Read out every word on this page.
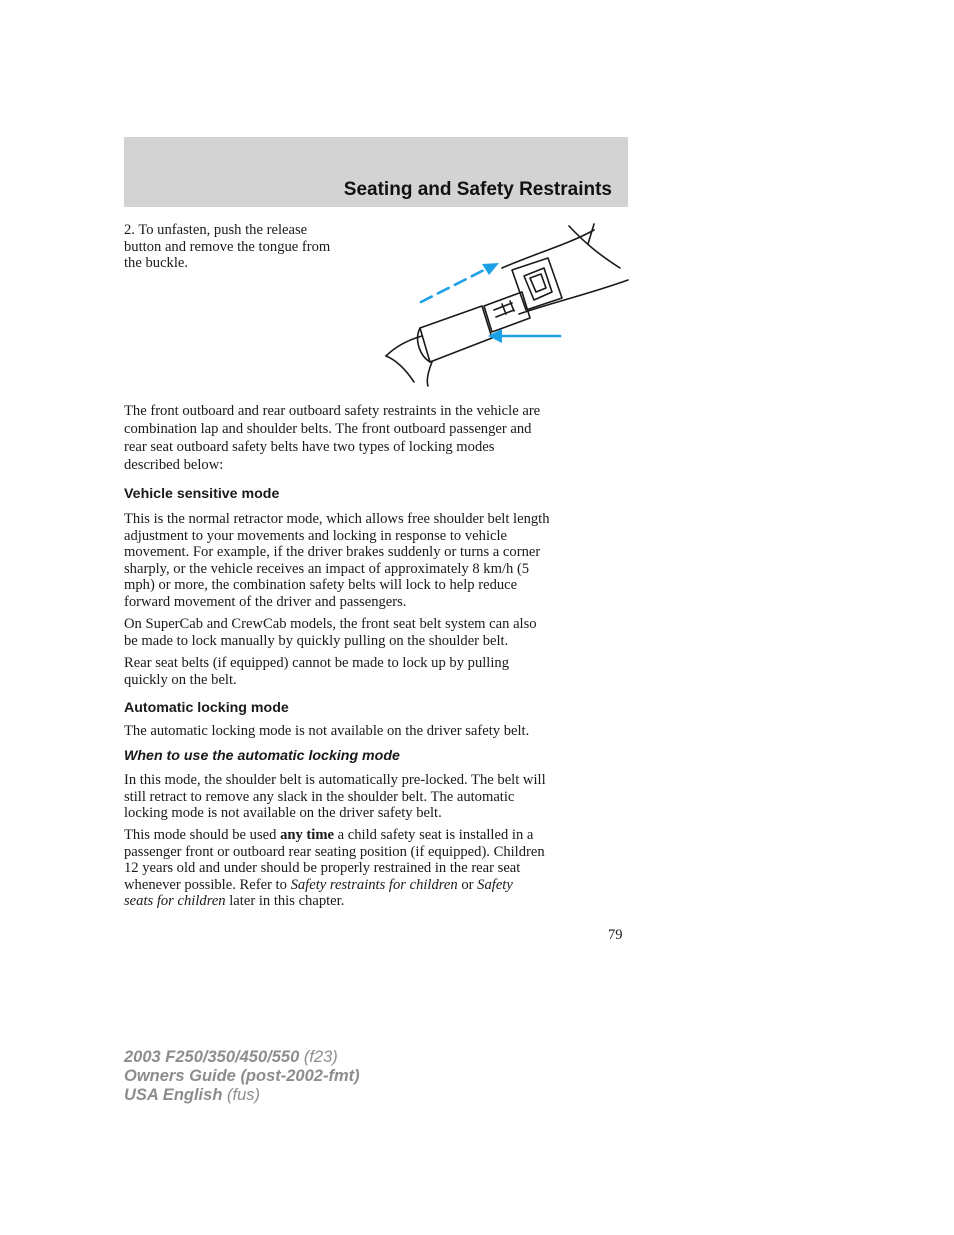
Seating and Safety Restraints

2. To unfasten, push the release
button and remove the tongue from
the buckle.

The front outboard and rear outboard safety restraints in the vehicle are
combination lap and shoulder belts. The front outboard passenger and
rear seat outboard safety belts have two types of locking modes
described below:

Vehicle sensitive mode

This is the normal retractor mode, which allows free shoulder belt length
adjustment to your movements and locking in response to vehicle
movement. For example, if the driver brakes suddenly or turns a corner
sharply, or the vehicle receives an impact of approximately 8 km/h (5
mph) or more, the combination safety belts will lock to help reduce
forward movement of the driver and passengers.

On SuperCab and CrewCab models, the front seat belt system can also
be made to lock manually by quickly pulling on the shoulder belt.

Rear seat belts (if equipped) cannot be made to lock up by pulling
quickly on the belt.

Automatic locking mode

The automatic locking mode is not available on the driver safety belt.

When to use the automatic locking mode

In this mode, the shoulder belt is automatically pre-locked. The belt will
still retract to remove any slack in the shoulder belt. The automatic
locking mode is not available on the driver safety belt.

This mode should be used any time a child safety seat is installed in a
passenger front or outboard rear seating position (if equipped). Children
12 years old and under should be properly restrained in the rear seat
whenever possible. Refer to Safety restraints for children or Safety
seats for children later in this chapter.

79
2003 F250/350/450/550 (f23)
Owners Guide (post-2002-fmt)
USA English (fus)
